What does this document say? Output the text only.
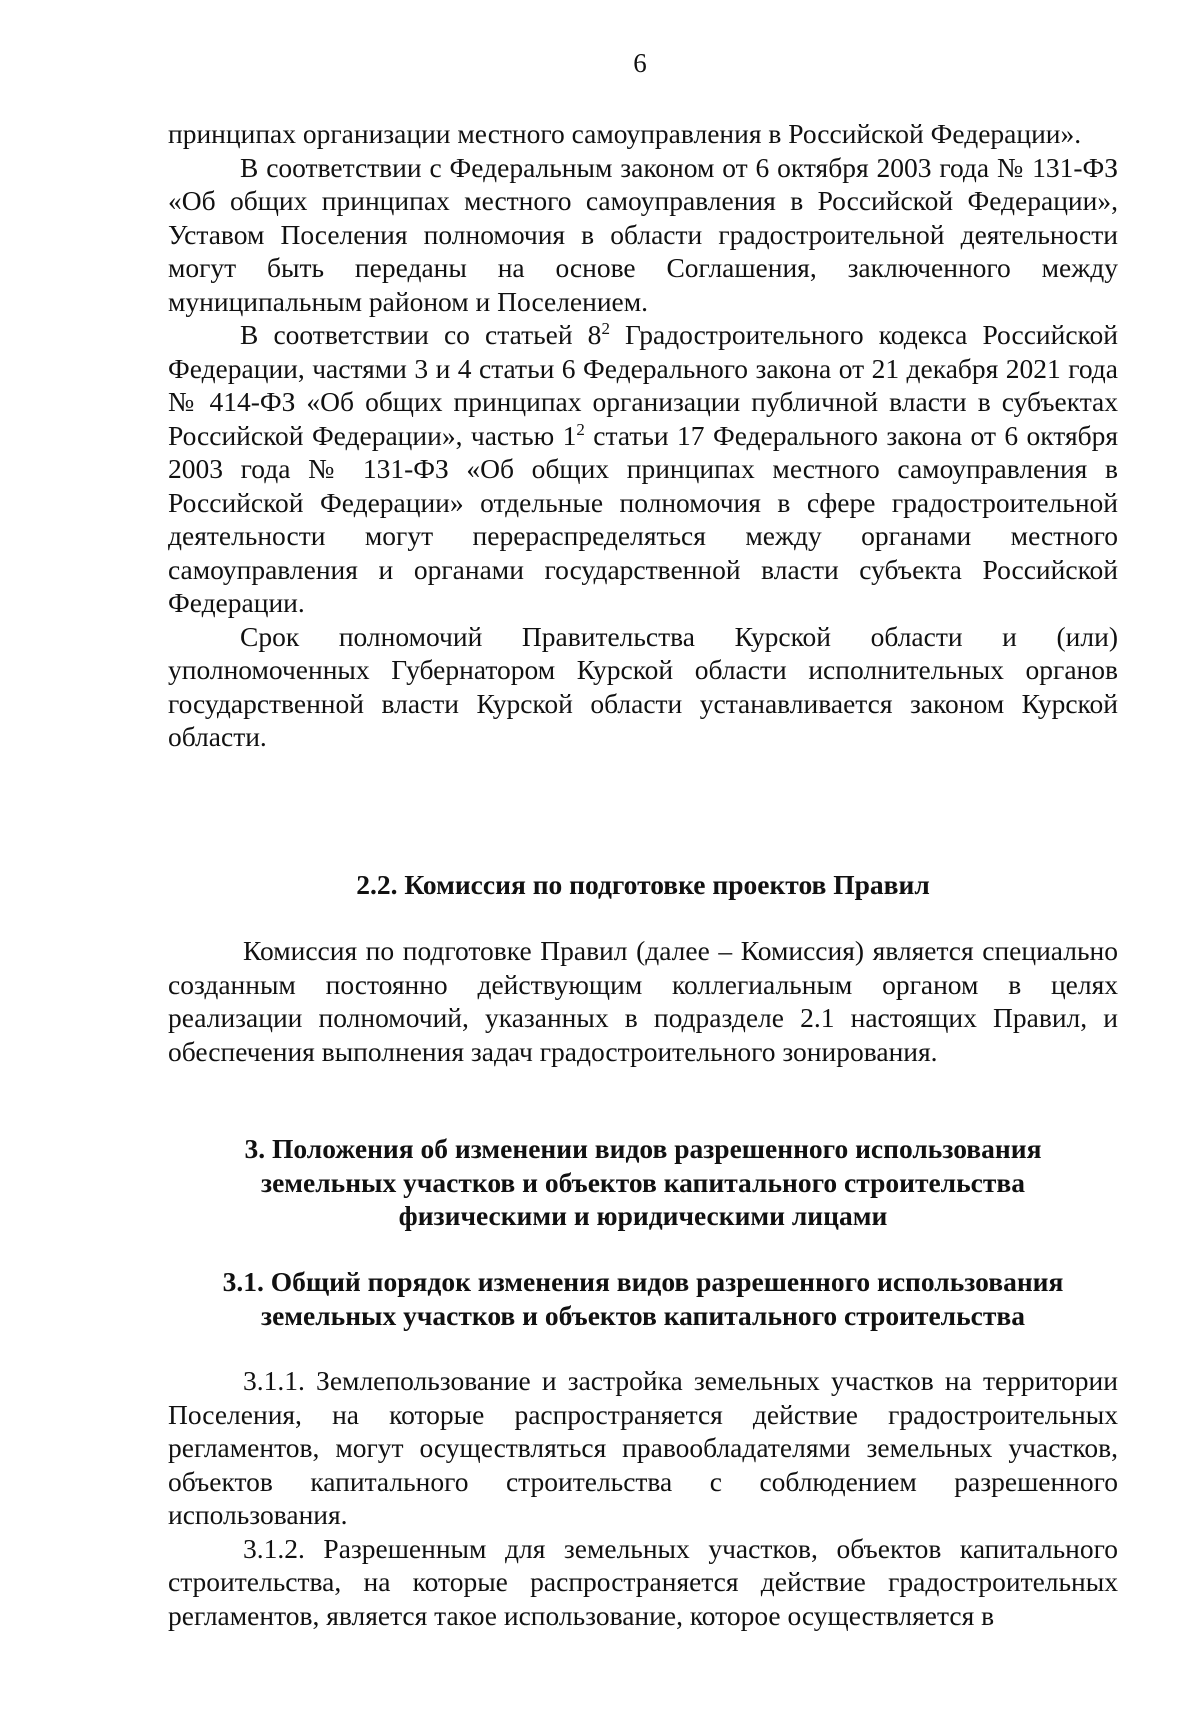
6

принципах организации местного самоуправления в Российской Федерации».

В соответствии с Федеральным законом от 6 октября 2003 года № 131-ФЗ «Об общих принципах местного самоуправления в Российской Федерации», Уставом Поселения полномочия в области градостроительной деятельности могут быть переданы на основе Соглашения, заключенного между муниципальным районом и Поселением.

В соответствии со статьей $8^2$ Градостроительного кодекса Российской Федерации, частями 3 и 4 статьи 6 Федерального закона от 21 декабря 2021 года № 414-ФЗ «Об общих принципах организации публичной власти в субъектах Российской Федерации», частью $1^2$ статьи 17 Федерального закона от 6 октября 2003 года № 131-ФЗ «Об общих принципах местного самоуправления в Российской Федерации» отдельные полномочия в сфере градостроительной деятельности могут перераспределяться между органами местного самоуправления и органами государственной власти субъекта Российской Федерации.

Срок полномочий Правительства Курской области и (или) уполномоченных Губернатором Курской области исполнительных органов государственной власти Курской области устанавливается законом Курской области.

2.2. Комиссия по подготовке проектов Правил

Комиссия по подготовке Правил (далее – Комиссия) является специально созданным постоянно действующим коллегиальным органом в целях реализации полномочий, указанных в подразделе 2.1 настоящих Правил, и обеспечения выполнения задач градостроительного зонирования.

3. Положения об изменении видов разрешенного использования
земельных участков и объектов капитального строительства
физическими и юридическими лицами
3.1. Общий порядок изменения видов разрешенного использования
земельных участков и объектов капитального строительства

3.1.1. Землепользование и застройка земельных участков на территории Поселения, на которые распространяется действие градостроительных регламентов, могут осуществляться правообладателями земельных участков, объектов капитального строительства с соблюдением разрешенного использования.

3.1.2. Разрешенным для земельных участков, объектов капитального строительства, на которые распространяется действие градостроительных регламентов, является такое использование, которое осуществляется в
